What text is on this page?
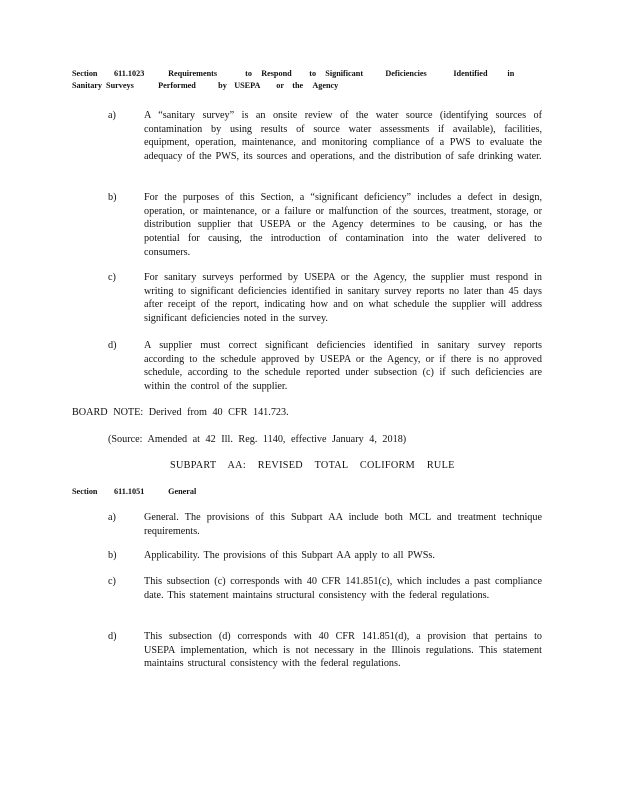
Section 611.1023	Requirements	to Respond to Significant	Deficiencies	Identified in
Sanitary Surveys	Performed	by USEPA or the Agency
a)	A “sanitary survey” is an onsite review of the water source (identifying sources of contamination by using results of source water assessments if available), facilities, equipment, operation, maintenance, and monitoring compliance of a PWS to evaluate the adequacy of the PWS, its sources and operations, and the distribution of safe drinking water.
b)	For the purposes of this Section, a “significant deficiency” includes a defect in design, operation, or maintenance, or a failure or malfunction of the sources, treatment, storage, or distribution supplier that USEPA or the Agency determines to be causing, or has the potential for causing, the introduction of contamination into the water delivered to consumers.
c)	For sanitary surveys performed by USEPA or the Agency, the supplier must respond in writing to significant deficiencies identified in sanitary survey reports no later than 45 days after receipt of the report, indicating how and on what schedule the supplier will address significant deficiencies noted in the survey.
d)	A supplier must correct significant deficiencies identified in sanitary survey reports according to the schedule approved by USEPA or the Agency, or if there is no approved schedule, according to the schedule reported under subsection (c) if such deficiencies are within the control of the supplier.
BOARD NOTE: Derived from 40 CFR 141.723.
(Source: Amended at 42 Ill. Reg. 1140, effective January 4, 2018)
SUBPART AA: REVISED TOTAL COLIFORM RULE
Section 611.1051	General
a)	General. The provisions of this Subpart AA include both MCL and treatment technique requirements.
b)	Applicability. The provisions of this Subpart AA apply to all PWSs.
c)	This subsection (c) corresponds with 40 CFR 141.851(c), which includes a past compliance date. This statement maintains structural consistency with the federal regulations.
d)	This subsection (d) corresponds with 40 CFR 141.851(d), a provision that pertains to USEPA implementation, which is not necessary in the Illinois regulations. This statement maintains structural consistency with the federal regulations.
